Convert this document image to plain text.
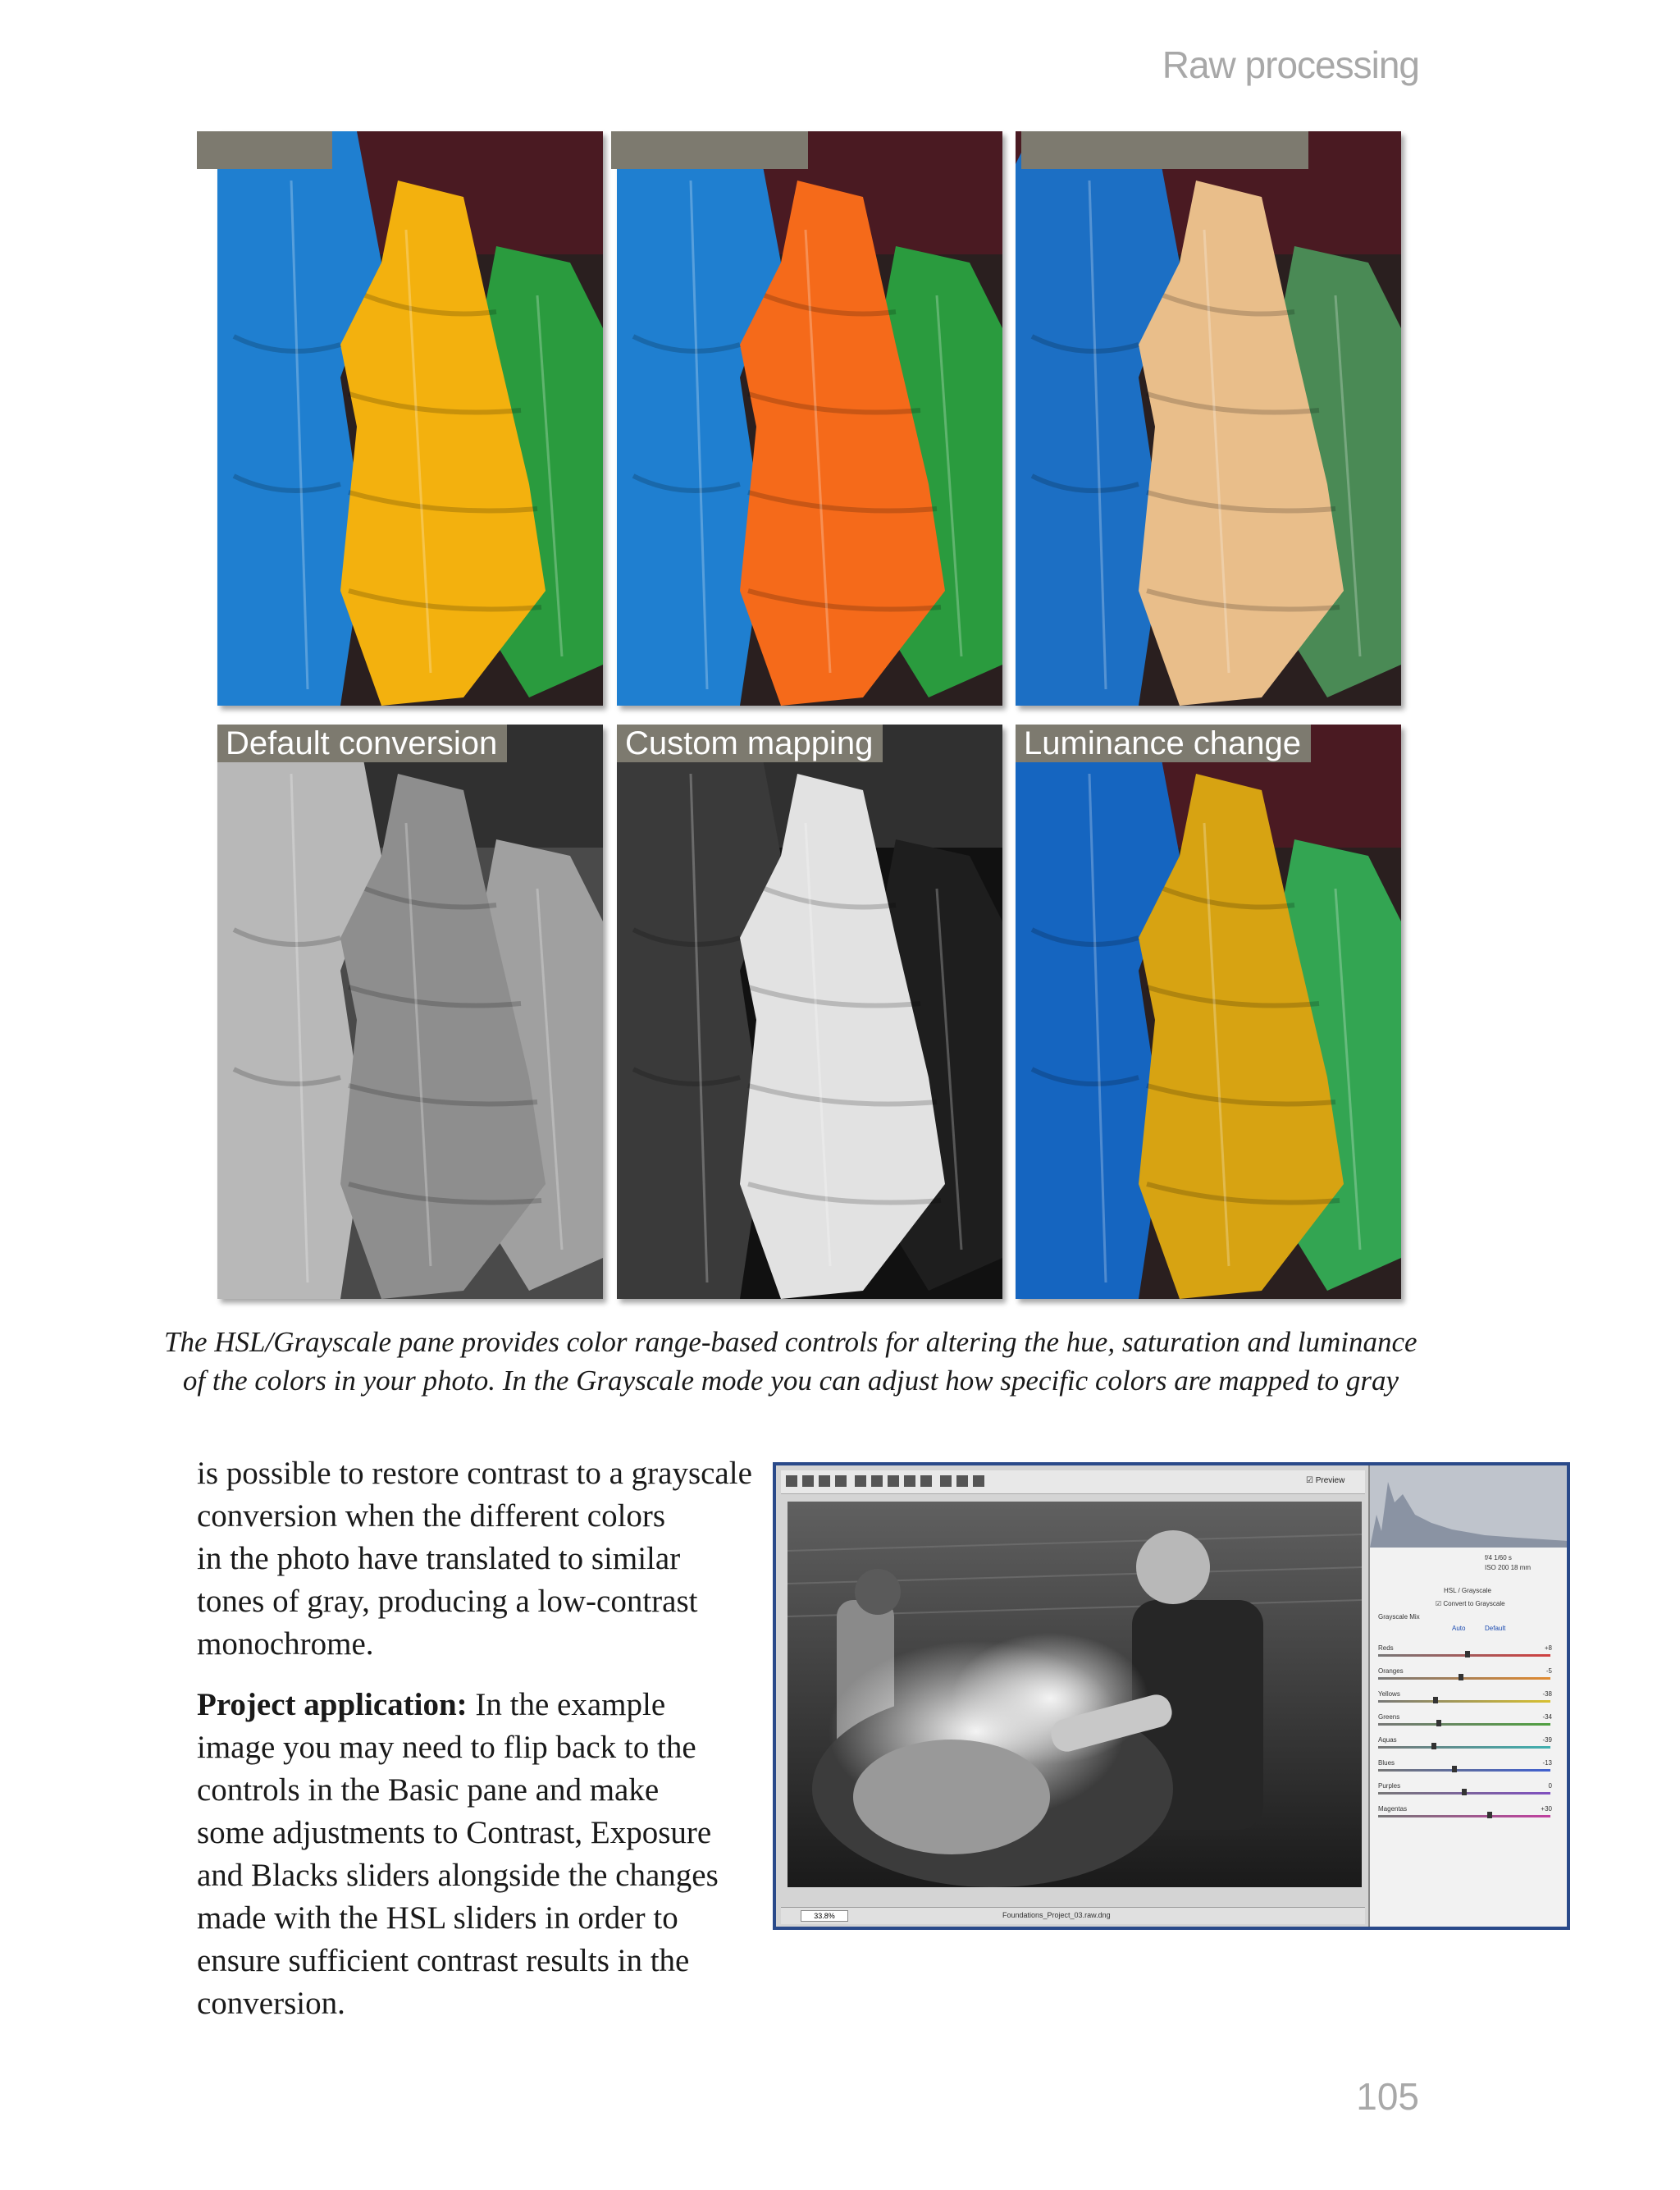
Raw processing
Default conversion	Custom mapping	Luminance change
The HSL/Grayscale pane provides color range-based controls for altering the hue, saturation and luminance
of the colors in your photo. In the Grayscale mode you can adjust how specific colors are mapped to gray

is possible to restore contrast to a grayscale
conversion when the different colors
in the photo have translated to similar
tones of gray, producing a low-contrast
monochrome.

Project application: In the example
image you may need to flip back to the
controls in the Basic pane and make
some adjustments to Contrast, Exposure
and Blacks sliders alongside the changes
made with the HSL sliders in order to
ensure sufficient contrast results in the
conversion.

☑ Preview
33.8%	Foundations_Project_03.raw.dng
f/4 1/60 s
ISO 200 18 mm
HSL / Grayscale
☑ Convert to Grayscale
Grayscale Mix
Auto	Default
Reds	+8
Oranges	-5
Yellows	-38
Greens	-34
Aquas	-39
Blues	-13
Purples	0
Magentas	+30
105
